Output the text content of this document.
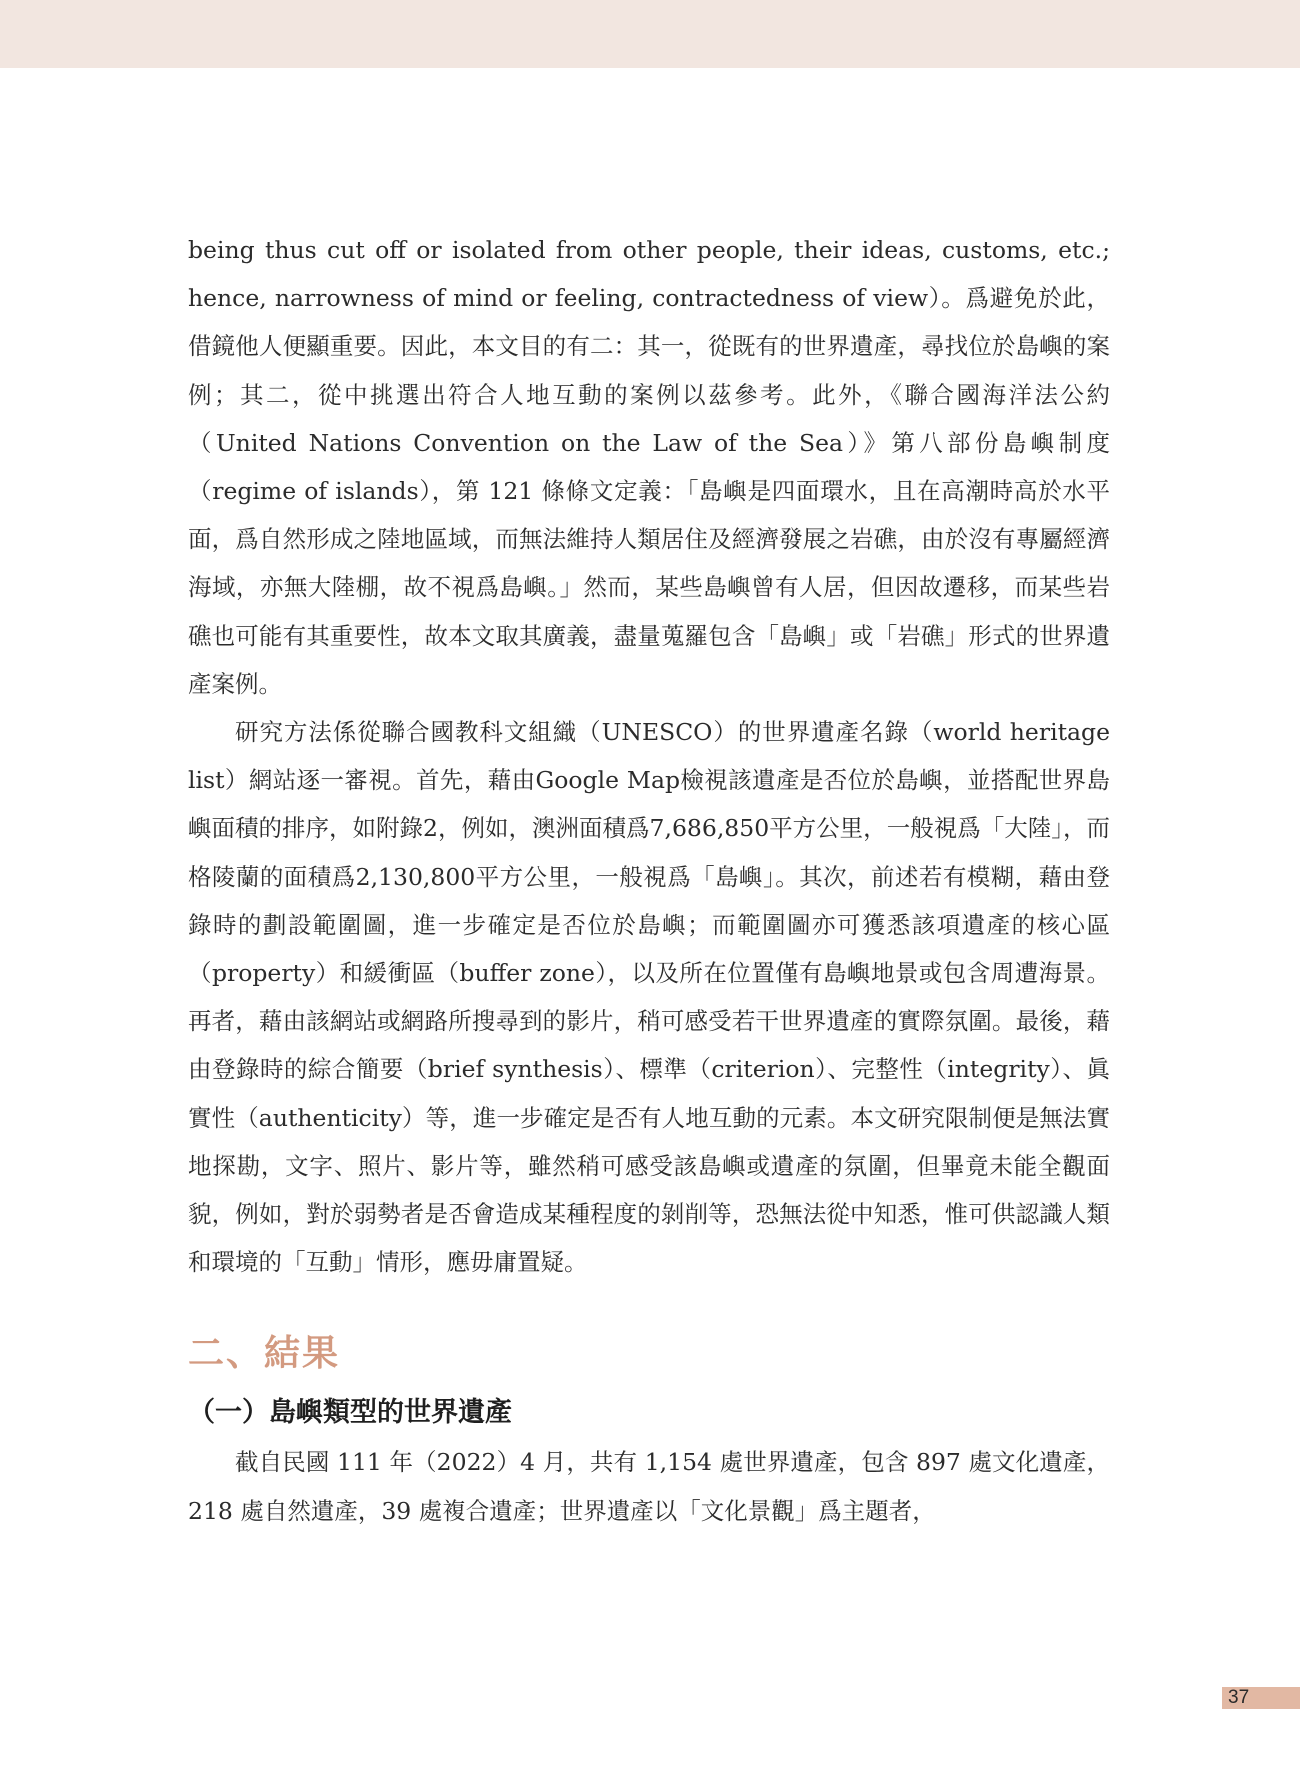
being thus cut off or isolated from other people, their ideas, customs, etc.; hence, narrowness of mind or feeling, contractedness of view）。爲避免於此，借鏡他人便顯重要。因此，本文目的有二：其一，從既有的世界遺產，尋找位於島嶼的案例；其二，從中挑選出符合人地互動的案例以茲參考。此外，《聯合國海洋法公約（United Nations Convention on the Law of the Sea）》第八部份島嶼制度（regime of islands），第 121 條條文定義：「島嶼是四面環水，且在高潮時高於水平面，爲自然形成之陸地區域，而無法維持人類居住及經濟發展之岩礁，由於沒有專屬經濟海域，亦無大陸棚，故不視爲島嶼。」然而，某些島嶼曾有人居，但因故遷移，而某些岩礁也可能有其重要性，故本文取其廣義，盡量蒐羅包含「島嶼」或「岩礁」形式的世界遺產案例。

研究方法係從聯合國教科文組織（UNESCO）的世界遺產名錄（world heritage list）網站逐一審視。首先，藉由Google Map檢視該遺產是否位於島嶼，並搭配世界島嶼面積的排序，如附錄2，例如，澳洲面積爲7,686,850平方公里，一般視爲「大陸」，而格陵蘭的面積爲2,130,800平方公里，一般視爲「島嶼」。其次，前述若有模糊，藉由登錄時的劃設範圍圖，進一步確定是否位於島嶼；而範圍圖亦可獲悉該項遺產的核心區（property）和緩衝區（buffer zone），以及所在位置僅有島嶼地景或包含周遭海景。再者，藉由該網站或網路所搜尋到的影片，稍可感受若干世界遺產的實際氛圍。最後，藉由登錄時的綜合簡要（brief synthesis）、標準（criterion）、完整性（integrity）、眞實性（authenticity）等，進一步確定是否有人地互動的元素。本文研究限制便是無法實地探勘，文字、照片、影片等，雖然稍可感受該島嶼或遺產的氛圍，但畢竟未能全觀面貌，例如，對於弱勢者是否會造成某種程度的剝削等，恐無法從中知悉，惟可供認識人類和環境的「互動」情形，應毋庸置疑。

二、結果
（一）島嶼類型的世界遺產

截自民國 111 年（2022）4 月，共有 1,154 處世界遺產，包含 897 處文化遺產，218 處自然遺產，39 處複合遺產；世界遺產以「文化景觀」爲主題者，

37
